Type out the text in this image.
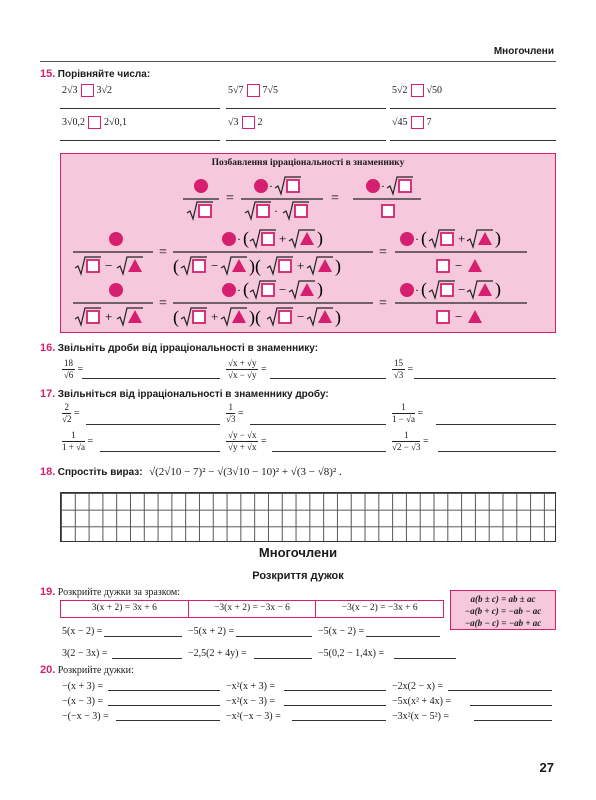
Многочлени
15. Порівняйте числа:
2√3 3√2	5√7 7√5	5√2 √50
3√0,2 2√0,1	√3 2	√45 7
Позбавлення ірраціональності в знаменнику
=
·
·
=
·
−
=
· ( + )
( − )(	+ )
=
· ( + )
−
+
=
· ( − )
( + )(	− )
=
· ( − )
−
16. Звільніть дроби від ірраціональності в знаменнику:
$\frac{18}{√6}$ =	$\frac{√x + √y}{√x - √y}$ =	$\frac{15}{√3}$ =
17. Звільніться від ірраціональності в знаменнику дробу:
$\frac{2}{√2}$ =	$\frac{1}{√3}$ =	$\frac{1}{1 - √a}$ =
$\frac{1}{1 + √a}$ =	$\frac{√y - √x}{√y + √x}$ =	$\frac{1}{√2 - √3}$ =
18. Спростіть вираз: √(2√10 − 7)² − √(3√10 − 10)² + √(3 − √8)² .
Многочлени
Розкриття дужок
19. Розкрийте дужки за зразком:
3(x + 2) = 3x + 6	−3(x + 2) = −3x − 6	−3(x − 2) = −3x + 6
a(b ± c) = ab ± ac
−a(b + c) = −ab − ac
−a(b − c) = −ab + ac
5(x − 2) =	−5(x + 2) =	−5(x − 2) =
3(2 − 3x) =	−2,5(2 + 4y) =	−5(0,2 − 1,4x) =
20. Розкрийте дужки:
−(x + 3) =	−x²(x + 3) =	−2x(2 − x) =
−(x − 3) =	−x²(x − 3) =	−5x(x² + 4x) =
−(−x − 3) =	−x²(−x − 3) =	−3x²(x − 5²) =
27
